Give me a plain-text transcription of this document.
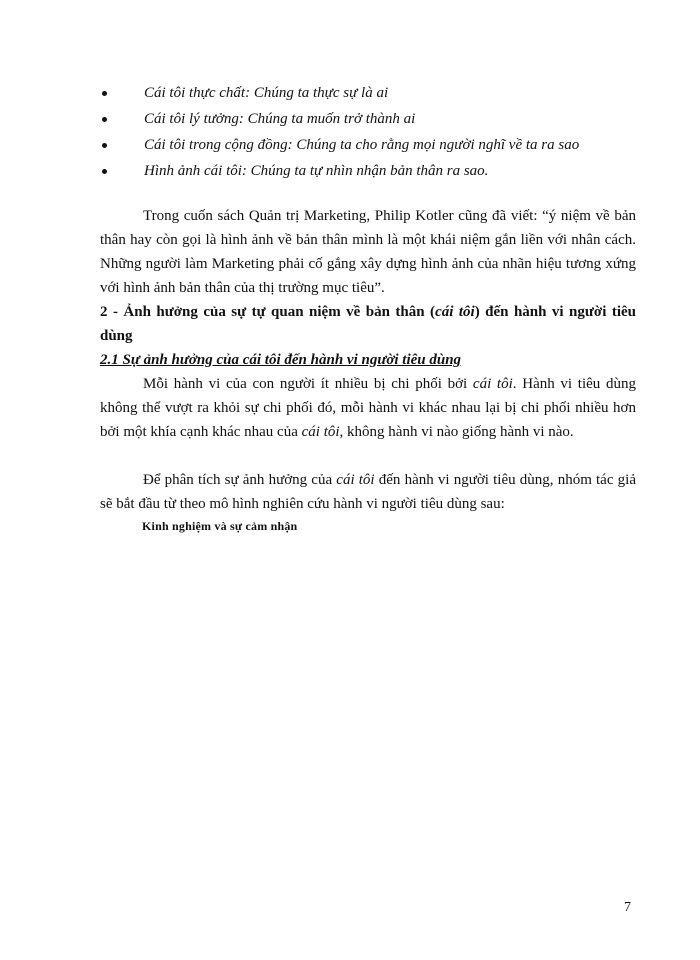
Cái tôi thực chất: Chúng ta thực sự là ai
Cái tôi lý tưởng: Chúng ta muốn trở thành ai
Cái tôi trong cộng đồng: Chúng ta cho rằng mọi người nghĩ về ta ra sao
Hình ảnh cái tôi: Chúng ta tự nhìn nhận bản thân ra sao.

Trong cuốn sách Quản trị Marketing, Philip Kotler cũng đã viết: “ý niệm về bản thân hay còn gọi là hình ảnh về bản thân mình là một khái niệm gắn liền với nhân cách. Những người làm Marketing phải cố gắng xây dựng hình ảnh của nhãn hiệu tương xứng với hình ảnh bản thân của thị trường mục tiêu”.

2 - Ảnh hưởng của sự tự quan niệm về bản thân (cái tôi) đến hành vi người tiêu dùng

2.1 Sự ảnh hưởng của cái tôi đến hành vi người tiêu dùng

Mỗi hành vi của con người ít nhiều bị chi phối bởi cái tôi. Hành vi tiêu dùng không thể vượt ra khỏi sự chi phối đó, mỗi hành vi khác nhau lại bị chi phối nhiều hơn bởi một khía cạnh khác nhau của cái tôi, không hành vi nào giống hành vi nào.

Để phân tích sự ảnh hưởng của cái tôi đến hành vi người tiêu dùng, nhóm tác giả sẽ bắt đầu từ theo mô hình nghiên cứu hành vi người tiêu dùng sau:

Kinh nghiệm và sự cảm nhận
7
